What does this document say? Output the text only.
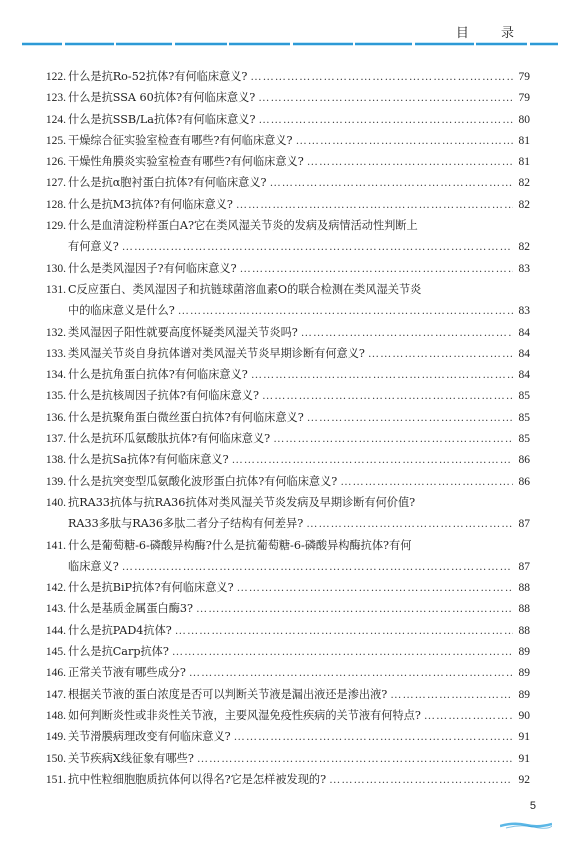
目 录
122. 什么是抗Ro-52抗体?有何临床意义? …………………………………………………………………………………………………………………………………………	79
123. 什么是抗SSA 60抗体?有何临床意义? …………………………………………………………………………………………………………………………………………	79
124. 什么是抗SSB/La抗体?有何临床意义? …………………………………………………………………………………………………………………………………………	80
125. 干燥综合征实验室检查有哪些?有何临床意义? …………………………………………………………………………………………………………………………………………	81
126. 干燥性角膜炎实验室检查有哪些?有何临床意义? …………………………………………………………………………………………………………………………………………	81
127. 什么是抗α胞衬蛋白抗体?有何临床意义? …………………………………………………………………………………………………………………………………………	82
128. 什么是抗M3抗体?有何临床意义? …………………………………………………………………………………………………………………………………………	82
129. 什么是血清淀粉样蛋白A?它在类风湿关节炎的发病及病情活动性判断上
有何意义? …………………………………………………………………………………………………………………………………………	82
130. 什么是类风湿因子?有何临床意义? …………………………………………………………………………………………………………………………………………	83
131. C反应蛋白、类风湿因子和抗链球菌溶血素O的联合检测在类风湿关节炎
中的临床意义是什么? …………………………………………………………………………………………………………………………………………	83
132. 类风湿因子阳性就要高度怀疑类风湿关节炎吗? …………………………………………………………………………………………………………………………………………	84
133. 类风湿关节炎自身抗体谱对类风湿关节炎早期诊断有何意义? …………………………………………………………………………………………………………………………………………	84
134. 什么是抗角蛋白抗体?有何临床意义? …………………………………………………………………………………………………………………………………………	84
135. 什么是抗核周因子抗体?有何临床意义? …………………………………………………………………………………………………………………………………………	85
136. 什么是抗聚角蛋白微丝蛋白抗体?有何临床意义? …………………………………………………………………………………………………………………………………………	85
137. 什么是抗环瓜氨酸肽抗体?有何临床意义? …………………………………………………………………………………………………………………………………………	85
138. 什么是抗Sa抗体?有何临床意义? …………………………………………………………………………………………………………………………………………	86
139. 什么是抗突变型瓜氨酸化波形蛋白抗体?有何临床意义? …………………………………………………………………………………………………………………………………………	86
140. 抗RA33抗体与抗RA36抗体对类风湿关节炎发病及早期诊断有何价值?
RA33多肽与RA36多肽二者分子结构有何差异? …………………………………………………………………………………………………………………………………………	87
141. 什么是葡萄糖-6-磷酸异构酶?什么是抗葡萄糖-6-磷酸异构酶抗体?有何
临床意义? …………………………………………………………………………………………………………………………………………	87
142. 什么是抗BiP抗体?有何临床意义? …………………………………………………………………………………………………………………………………………	88
143. 什么是基质金属蛋白酶3? …………………………………………………………………………………………………………………………………………	88
144. 什么是抗PAD4抗体? …………………………………………………………………………………………………………………………………………	88
145. 什么是抗Carp抗体? …………………………………………………………………………………………………………………………………………	89
146. 正常关节液有哪些成分? …………………………………………………………………………………………………………………………………………	89
147. 根据关节液的蛋白浓度是否可以判断关节液是漏出液还是渗出液? …………………………………………………………………………………………………………………………………………	89
148. 如何判断炎性或非炎性关节液，主要风湿免疫性疾病的关节液有何特点? …………………………………………………………………………………………………………………………………………	90
149. 关节滑膜病理改变有何临床意义? …………………………………………………………………………………………………………………………………………	91
150. 关节疾病X线征象有哪些? …………………………………………………………………………………………………………………………………………	91
151. 抗中性粒细胞胞质抗体何以得名?它是怎样被发现的? …………………………………………………………………………………………………………………………………………	92
5
